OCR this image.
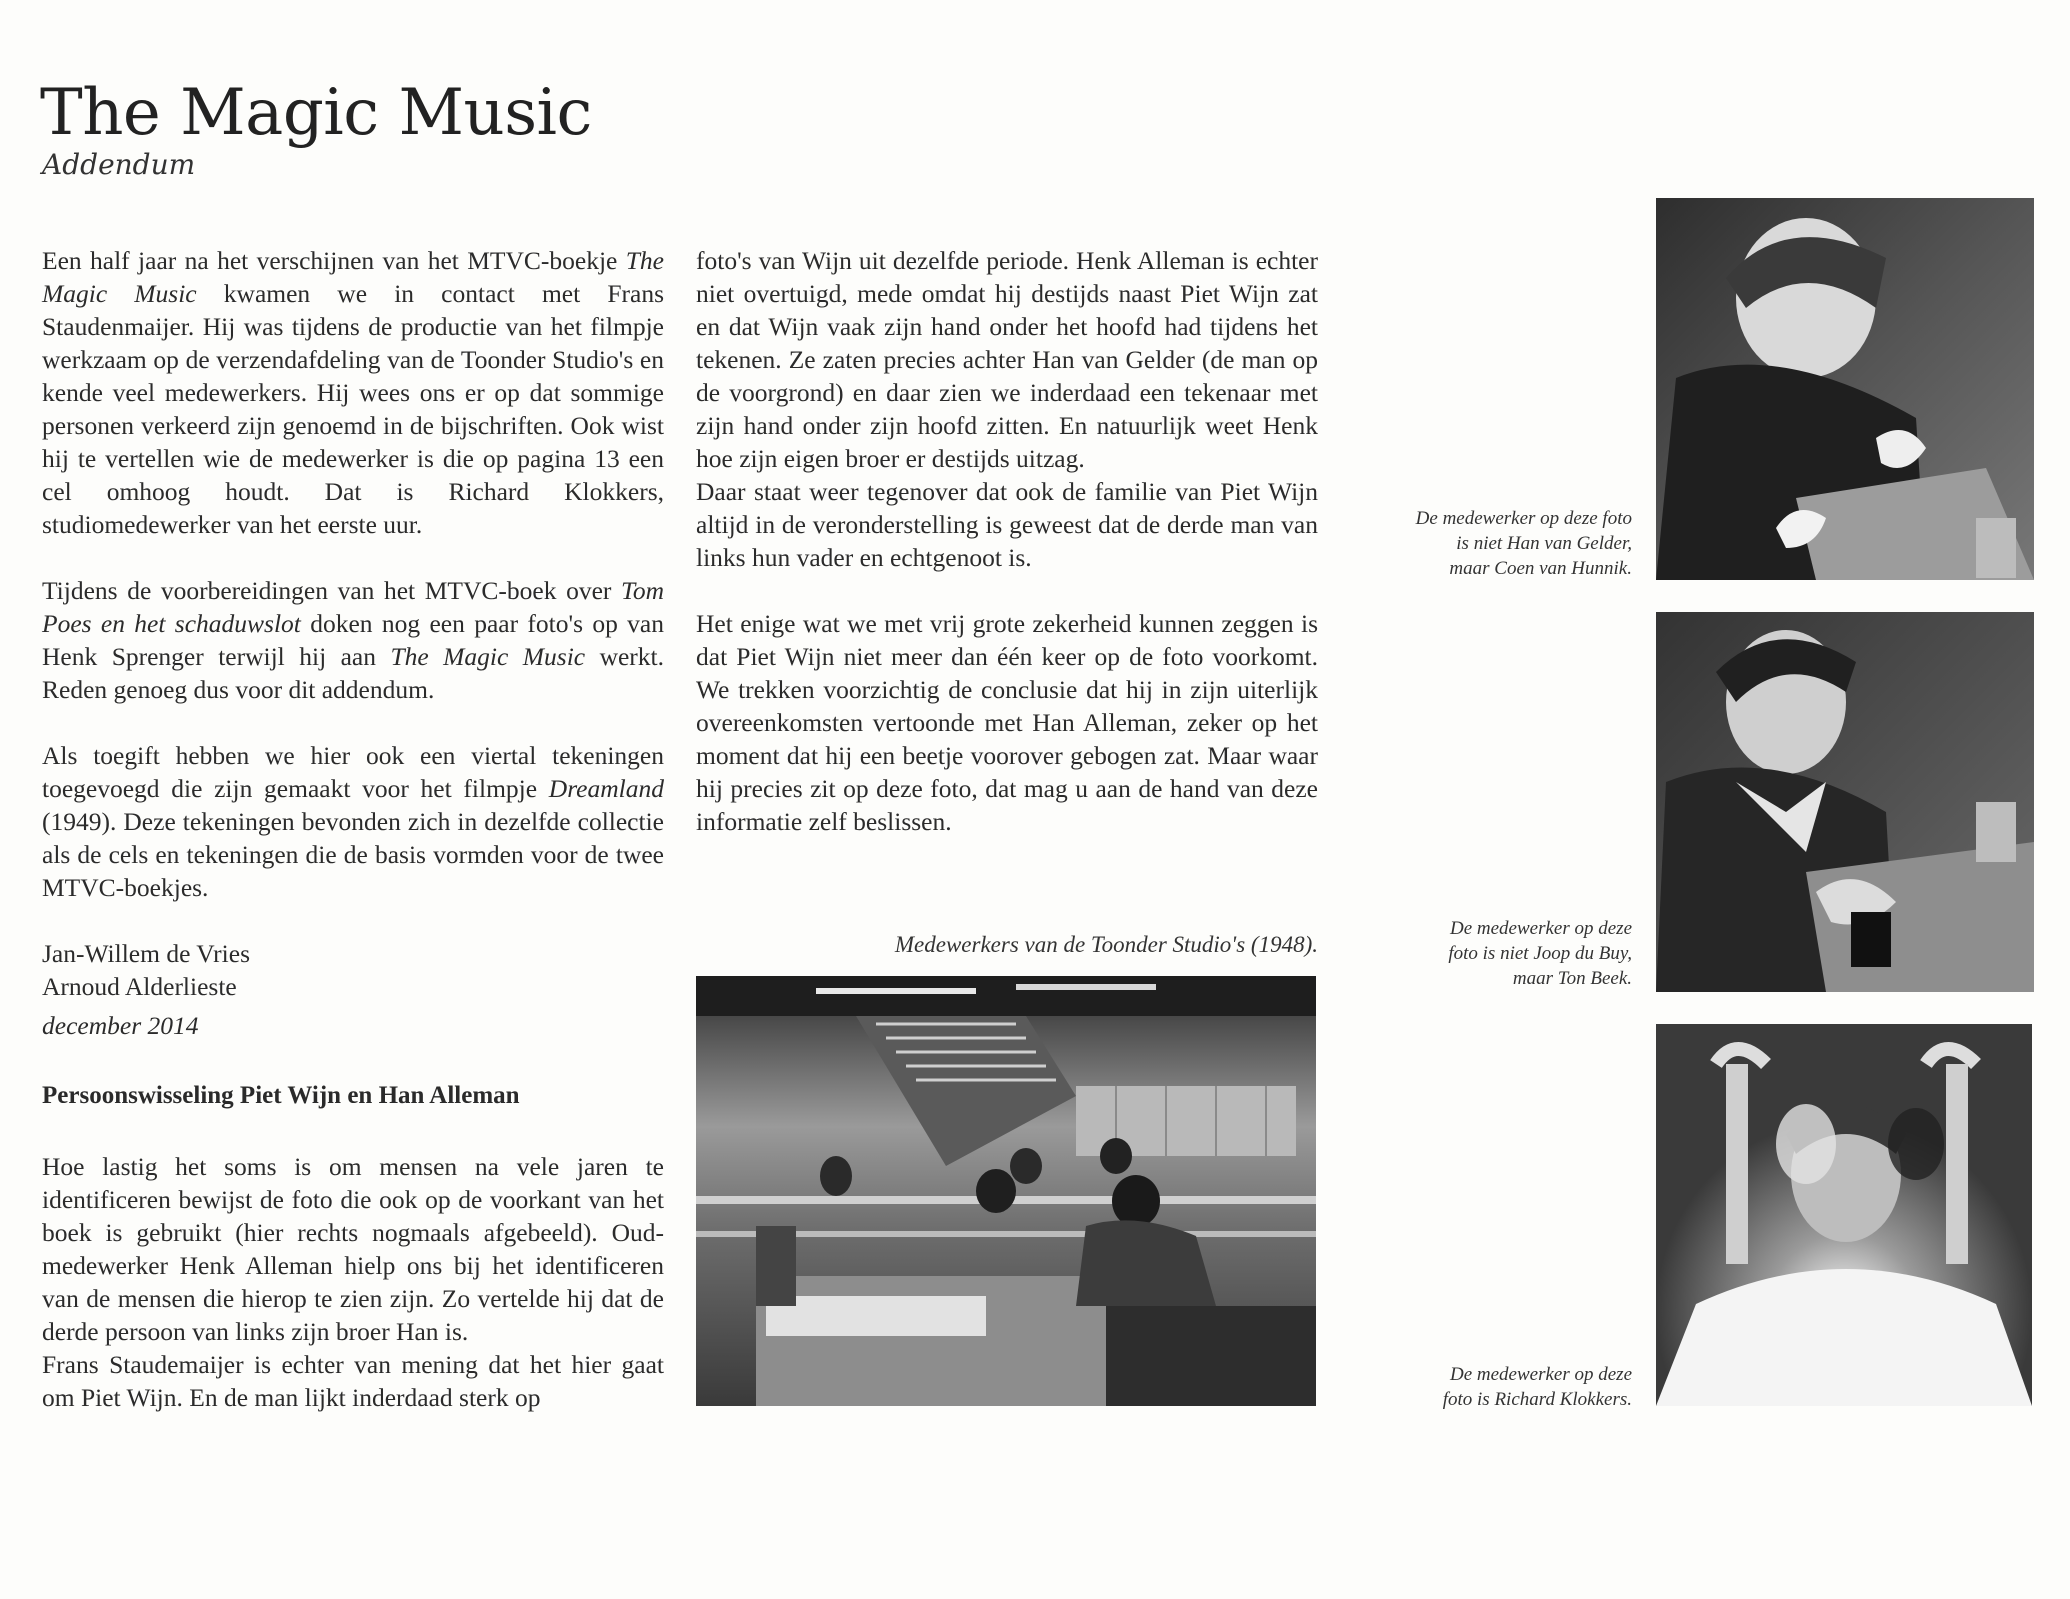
The Magic Music
Addendum

Een half jaar na het verschijnen van het MTVC-boekje The Magic Music kwamen we in contact met Frans Staudenmaijer. Hij was tijdens de productie van het filmpje werkzaam op de verzendafdeling van de Toonder Studio's en kende veel medewerkers. Hij wees ons er op dat sommige personen verkeerd zijn genoemd in de bijschriften. Ook wist hij te vertellen wie de medewerker is die op pagina 13 een cel omhoog houdt. Dat is Richard Klokkers, studiomedewerker van het eerste uur.

Tijdens de voorbereidingen van het MTVC-boek over Tom Poes en het schaduwslot doken nog een paar foto's op van Henk Sprenger terwijl hij aan The Magic Music werkt. Reden genoeg dus voor dit addendum.

Als toegift hebben we hier ook een viertal tekeningen toegevoegd die zijn gemaakt voor het filmpje Dreamland (1949). Deze tekeningen bevonden zich in dezelfde collectie als de cels en tekeningen die de basis vormden voor de twee MTVC-boekjes.

Jan-Willem de Vries
Arnoud Alderlieste
december 2014
Persoonswisseling Piet Wijn en Han Alleman

Hoe lastig het soms is om mensen na vele jaren te identificeren bewijst de foto die ook op de voorkant van het boek is gebruikt (hier rechts nogmaals afgebeeld). Oud-medewerker Henk Alleman hielp ons bij het identificeren van de mensen die hierop te zien zijn. Zo vertelde hij dat de derde persoon van links zijn broer Han is.

Frans Staudemaijer is echter van mening dat het hier gaat om Piet Wijn. En de man lijkt inderdaad sterk op

foto's van Wijn uit dezelfde periode. Henk Alleman is echter niet overtuigd, mede omdat hij destijds naast Piet Wijn zat en dat Wijn vaak zijn hand onder het hoofd had tijdens het tekenen. Ze zaten precies achter Han van Gelder (de man op de voorgrond) en daar zien we inderdaad een tekenaar met zijn hand onder zijn hoofd zitten. En natuurlijk weet Henk hoe zijn eigen broer er destijds uitzag.

Daar staat weer tegenover dat ook de familie van Piet Wijn altijd in de veronderstelling is geweest dat de derde man van links hun vader en echtgenoot is.

Het enige wat we met vrij grote zekerheid kunnen zeggen is dat Piet Wijn niet meer dan één keer op de foto voorkomt. We trekken voorzichtig de conclusie dat hij in zijn uiterlijk overeenkomsten vertoonde met Han Alleman, zeker op het moment dat hij een beetje voorover gebogen zat. Maar waar hij precies zit op deze foto, dat mag u aan de hand van deze informatie zelf beslissen.

Medewerkers van de Toonder Studio's (1948).
De medewerker op deze foto
is niet Han van Gelder,
maar Coen van Hunnik.
De medewerker op deze
foto is niet Joop du Buy,
maar Ton Beek.
De medewerker op deze
foto is Richard Klokkers.
